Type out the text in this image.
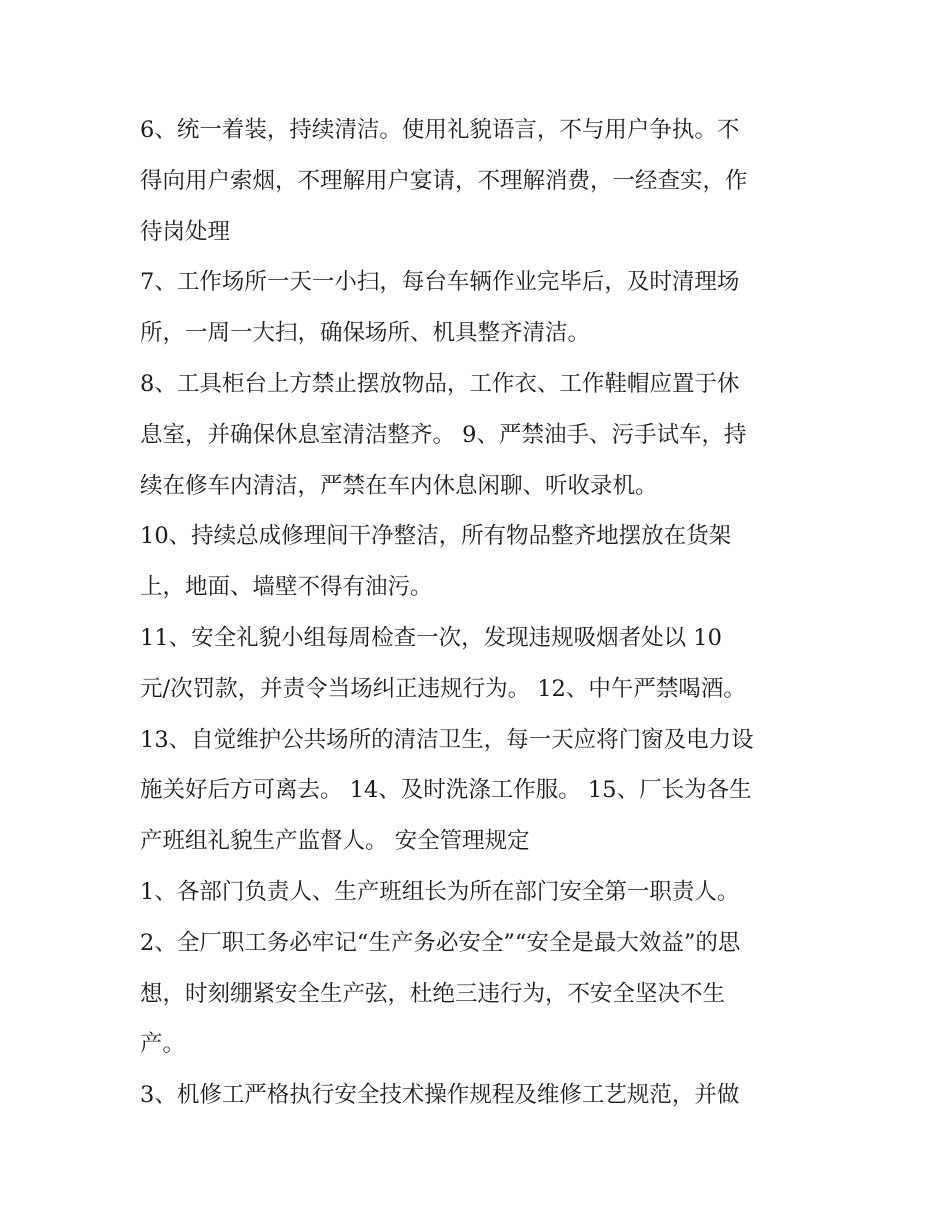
6、统一着装，持续清洁。使用礼貌语言，不与用户争执。不
得向用户索烟，不理解用户宴请，不理解消费，一经查实，作
待岗处理
7、工作场所一天一小扫，每台车辆作业完毕后，及时清理场
所，一周一大扫，确保场所、机具整齐清洁。
8、工具柜台上方禁止摆放物品，工作衣、工作鞋帽应置于休
息室，并确保休息室清洁整齐。 9、严禁油手、污手试车，持
续在修车内清洁，严禁在车内休息闲聊、听收录机。
10、持续总成修理间干净整洁，所有物品整齐地摆放在货架
上，地面、墙壁不得有油污。
11、安全礼貌小组每周检查一次，发现违规吸烟者处以 10
元/次罚款，并责令当场纠正违规行为。 12、中午严禁喝酒。
13、自觉维护公共场所的清洁卫生，每一天应将门窗及电力设
施关好后方可离去。 14、及时洗涤工作服。 15、厂长为各生
产班组礼貌生产监督人。 安全管理规定
1、各部门负责人、生产班组长为所在部门安全第一职责人。
2、全厂职工务必牢记“生产务必安全”“安全是最大效益”的思
想，时刻绷紧安全生产弦，杜绝三违行为，不安全坚决不生
产。
3、机修工严格执行安全技术操作规程及维修工艺规范，并做
